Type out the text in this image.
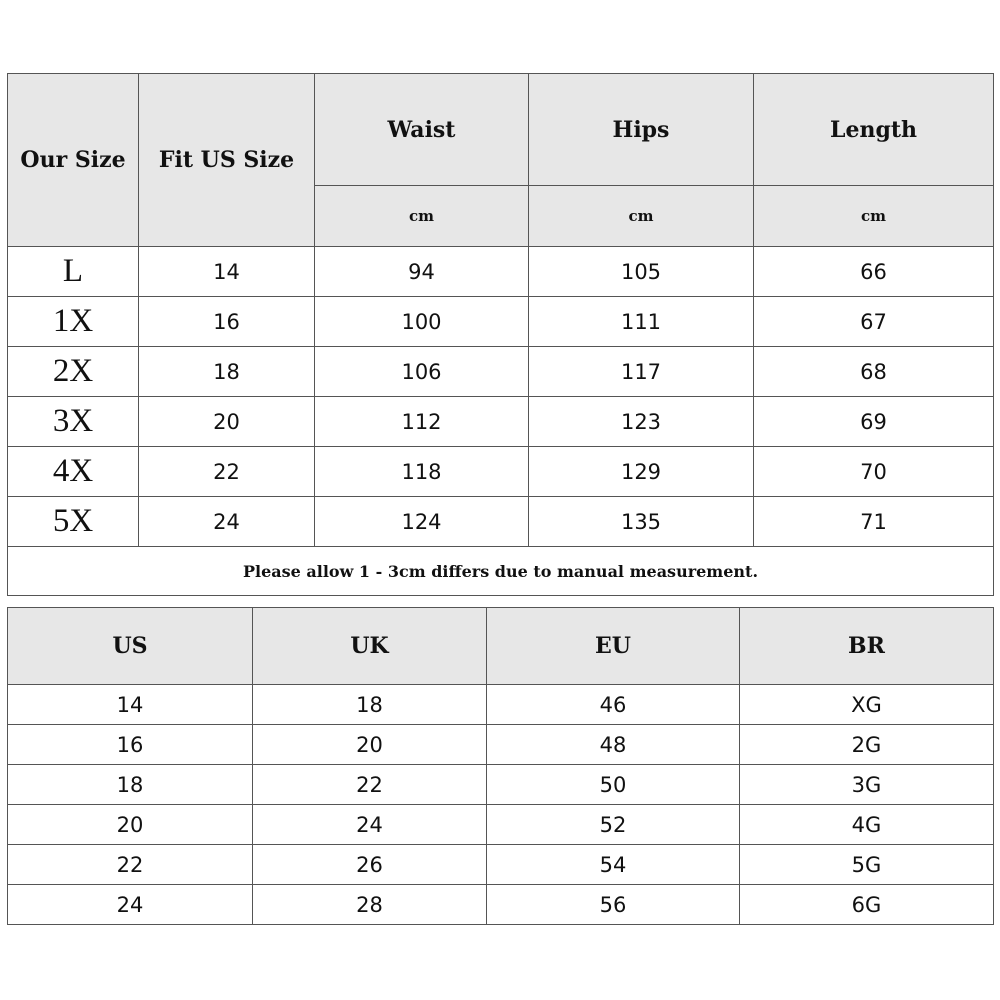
Our Size	Fit US Size	Waist	Hips	Length
		cm	cm	cm
L	14	94	105	66
1X	16	100	111	67
2X	18	106	117	68
3X	20	112	123	69
4X	22	118	129	70
5X	24	124	135	71
Please allow 1 - 3cm differs due to manual measurement.				
US	UK	EU	BR
14	18	46	XG
16	20	48	2G
18	22	50	3G
20	24	52	4G
22	26	54	5G
24	28	56	6G
